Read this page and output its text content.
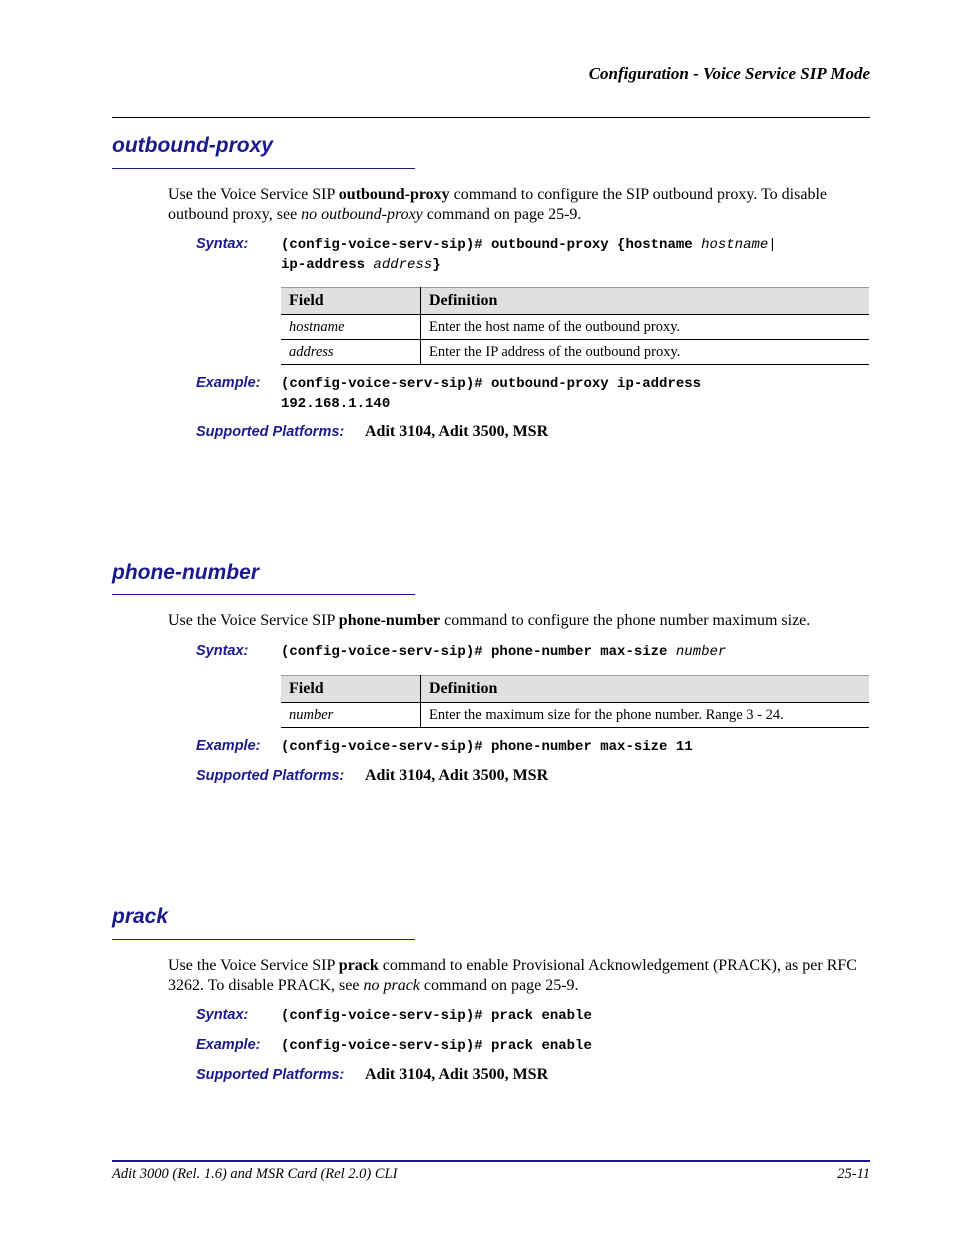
Configuration - Voice Service SIP Mode
outbound-proxy
Use the Voice Service SIP outbound-proxy command to configure the SIP outbound proxy. To disable outbound proxy, see no outbound-proxy command on page 25-9.
Syntax: (config-voice-serv-sip)# outbound-proxy {hostname hostname|
ip-address address}
Field	Definition
hostname	Enter the host name of the outbound proxy.
address	Enter the IP address of the outbound proxy.
Example: (config-voice-serv-sip)# outbound-proxy ip-address
192.168.1.140
Supported Platforms: Adit 3104, Adit 3500, MSR
phone-number
Use the Voice Service SIP phone-number command to configure the phone number maximum size.
Syntax: (config-voice-serv-sip)# phone-number max-size number
Field	Definition
number	Enter the maximum size for the phone number. Range 3 - 24.
Example: (config-voice-serv-sip)# phone-number max-size 11
Supported Platforms: Adit 3104, Adit 3500, MSR
prack
Use the Voice Service SIP prack command to enable Provisional Acknowledgement (PRACK), as per RFC 3262. To disable PRACK, see no prack command on page 25-9.
Syntax: (config-voice-serv-sip)# prack enable
Example: (config-voice-serv-sip)# prack enable
Supported Platforms: Adit 3104, Adit 3500, MSR
Adit 3000 (Rel. 1.6) and MSR Card (Rel 2.0) CLI	25-11
